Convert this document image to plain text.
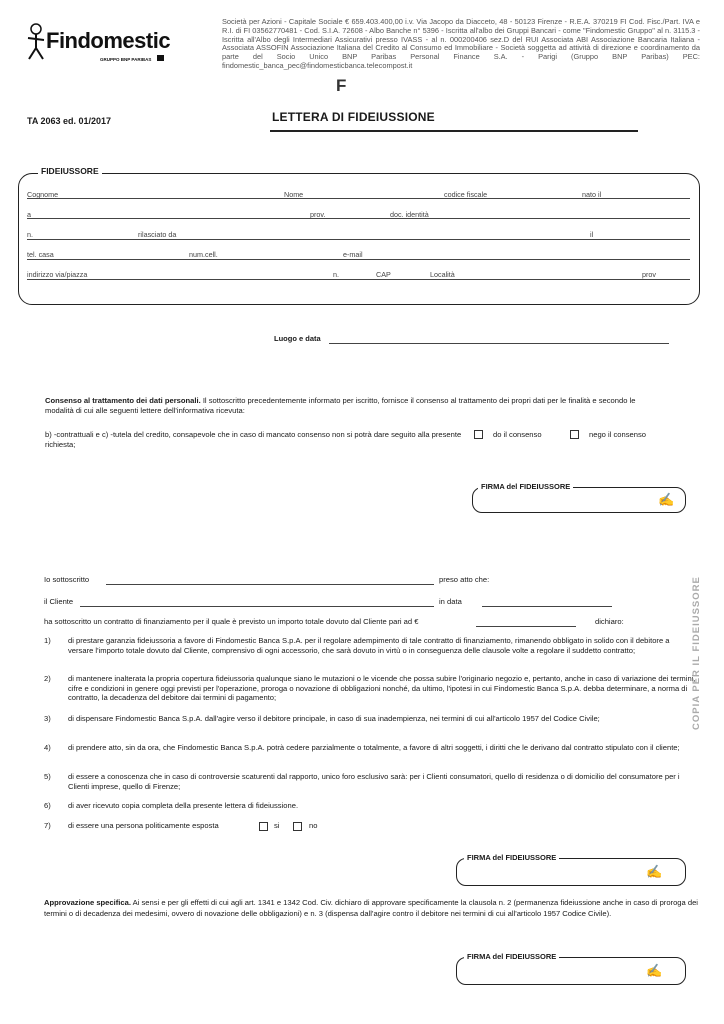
Findomestic
GRUPPO BNP PARIBAS
Società per Azioni - Capitale Sociale € 659.403.400,00 i.v. Via Jacopo da Diacceto, 48 - 50123 Firenze - R.E.A. 370219 FI Cod. Fisc./Part. IVA e R.I. di FI 03562770481 - Cod. S.I.A. 72608 - Albo Banche n° 5396 - Iscritta all'albo dei Gruppi Bancari - come "Findomestic Gruppo" al n. 3115.3 - Iscritta all'Albo degli Intermediari Assicurativi presso IVASS - al n. 000200406 sez.D del RUI Associata ABI Associazione Bancaria Italiana - Associata ASSOFIN Associazione Italiana del Credito al Consumo ed Immobiliare - Società soggetta ad attività di direzione e coordinamento da parte del Socio Unico BNP Paribas Personal Finance S.A. - Parigi (Gruppo BNP Paribas) PEC: findomestic_banca_pec@findomesticbanca.telecompost.it
F
TA 2063 ed. 01/2017	LETTERA DI FIDEIUSSIONE
FIDEIUSSORE
Cognome	Nome	codice fiscale	nato il
a	prov.	doc. identità
n.	rilasciato da	il
tel. casa	num.cell.	e-mail
indirizzo via/piazza	n.	CAP	Località	prov
Luogo e data
Consenso al trattamento dei dati personali. Il sottoscritto precedentemente informato per iscritto, fornisce il consenso al trattamento dei propri dati per le finalità e secondo le modalità di cui alle seguenti lettere dell'informativa ricevuta:
b) -contrattuali e c) -tutela del credito, consapevole che in caso di mancato consenso non si potrà dare seguito alla presente richiesta;
do il consenso	nego il consenso
FIRMA del FIDEIUSSORE
✍
Io sottoscritto	preso atto che:
il Cliente	in data
ha sottoscritto un contratto di finanziamento per il quale è previsto un importo totale dovuto dal Cliente pari ad €	dichiaro:
1) di prestare garanzia fideiussoria a favore di Findomestic Banca S.p.A. per il regolare adempimento di tale contratto di finanziamento, rimanendo obbligato in solido con il debitore a versare l'importo totale dovuto dal Cliente, comprensivo di ogni accessorio, che sarà dovuto in virtù o in conseguenza delle clausole volte a regolare il suddetto contratto;
2) di mantenere inalterata la propria copertura fideiussoria qualunque siano le mutazioni o le vicende che possa subire l'originario negozio e, pertanto, anche in caso di variazione dei termini, cifre e condizioni in genere oggi previsti per l'operazione, proroga o novazione di obbligazioni nonché, da ultimo, l'ipotesi in cui Findomestic Banca S.p.A. debba determinare, a norma di contratto, la decadenza del debitore dai termini di pagamento;
3) di dispensare Findomestic Banca S.p.A. dall'agire verso il debitore principale, in caso di sua inadempienza, nei termini di cui all'articolo 1957 del Codice Civile;
4) di prendere atto, sin da ora, che Findomestic Banca S.p.A. potrà cedere parzialmente o totalmente, a favore di altri soggetti, i diritti che le derivano dal contratto stipulato con il cliente;
5) di essere a conoscenza che in caso di controversie scaturenti dal rapporto, unico foro esclusivo sarà: per i Clienti consumatori, quello di residenza o di domicilio del consumatore per i Clienti imprese, quello di Firenze;
6) di aver ricevuto copia completa della presente lettera di fideiussione.
7) di essere una persona politicamente esposta	si	no
COPIA PER IL FIDEIUSSORE
FIRMA del FIDEIUSSORE
✍
Approvazione specifica. Ai sensi e per gli effetti di cui agli art. 1341 e 1342 Cod. Civ. dichiaro di approvare specificamente la clausola n. 2 (permanenza fideiussione anche in caso di proroga dei termini o di decadenza dei medesimi, ovvero di novazione delle obbligazioni) e n. 3 (dispensa dall'agire contro il debitore nei termini di cui all'articolo 1957 Codice Civile).
FIRMA del FIDEIUSSORE
✍
